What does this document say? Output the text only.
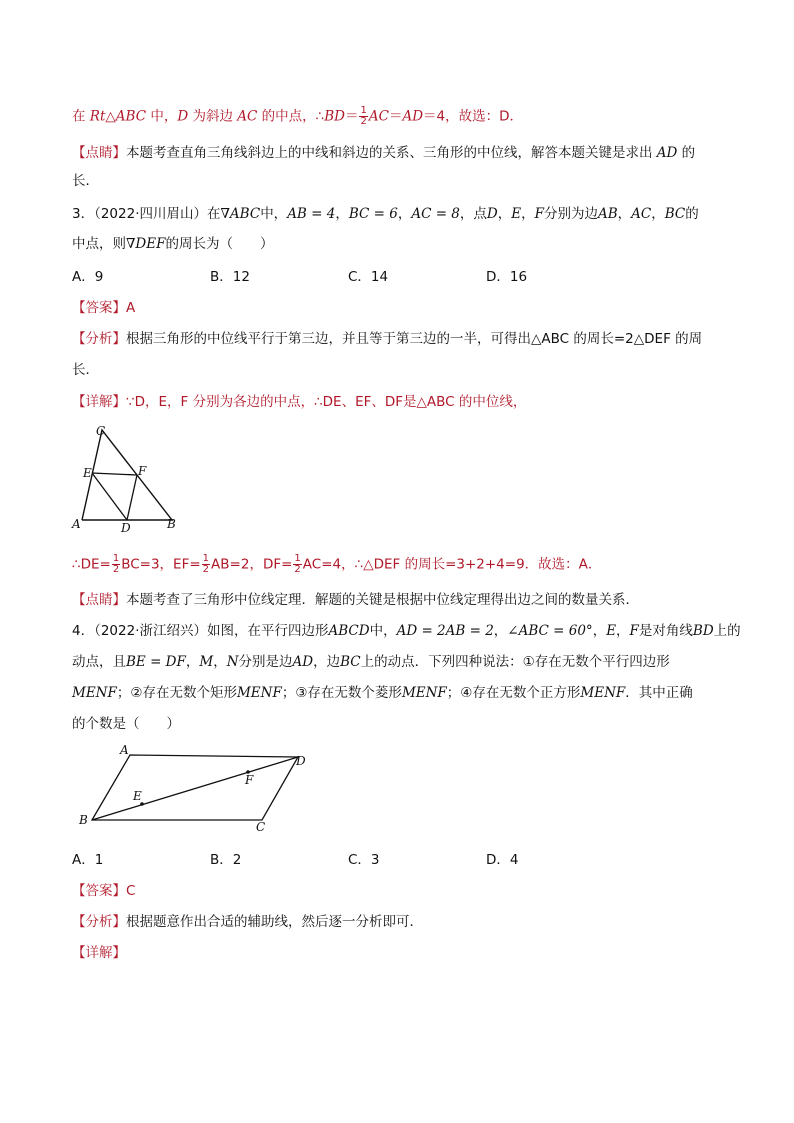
在 Rt△ABC 中，D 为斜边 AC 的中点，∴BD＝ $\frac{1}{2} AC=AD=4$，故选：D．
【点睛】本题考查直角三角线斜边上的中线和斜边的关系、三角形的中位线，解答本题关键是求出 AD 的
长．
3．（2022·四川眉山）在∇ABC中，AB = 4，BC = 6，AC = 8，点D，E，F分别为边AB，AC，BC的
中点，则∇DEF的周长为（　　）
A．9	B．12	C．14	D．16
【答案】A
【分析】根据三角形的中位线平行于第三边，并且等于第三边的一半，可得出△ABC 的周长=2△DEF 的周
长．
【详解】∵D，E，F 分别为各边的中点，∴DE、EF、DF是△ABC 的中位线，
C
E	F
A	D	B
∴DE= $\frac{1}{2} BC=3$，$EF= \frac{1}{2} AB=2$，$DF= \frac{1}{2} AC=4$，∴△DEF 的周长=3+2+4=9．故选：A．
【点睛】本题考查了三角形中位线定理．解题的关键是根据中位线定理得出边之间的数量关系．
4．（2022·浙江绍兴）如图，在平行四边形ABCD中，AD = 2AB = 2，∠ABC = 60°，E，F是对角线BD上的
动点，且BE = DF，M，N分别是边AD，边BC上的动点．下列四种说法：①存在无数个平行四边形
MENF；②存在无数个矩形MENF；③存在无数个菱形MENF；④存在无数个正方形MENF．其中正确
的个数是（　　）
A
D
F
E
B	C
A．1	B．2	C．3	D．4
【答案】C
【分析】根据题意作出合适的辅助线，然后逐一分析即可．
【详解】
